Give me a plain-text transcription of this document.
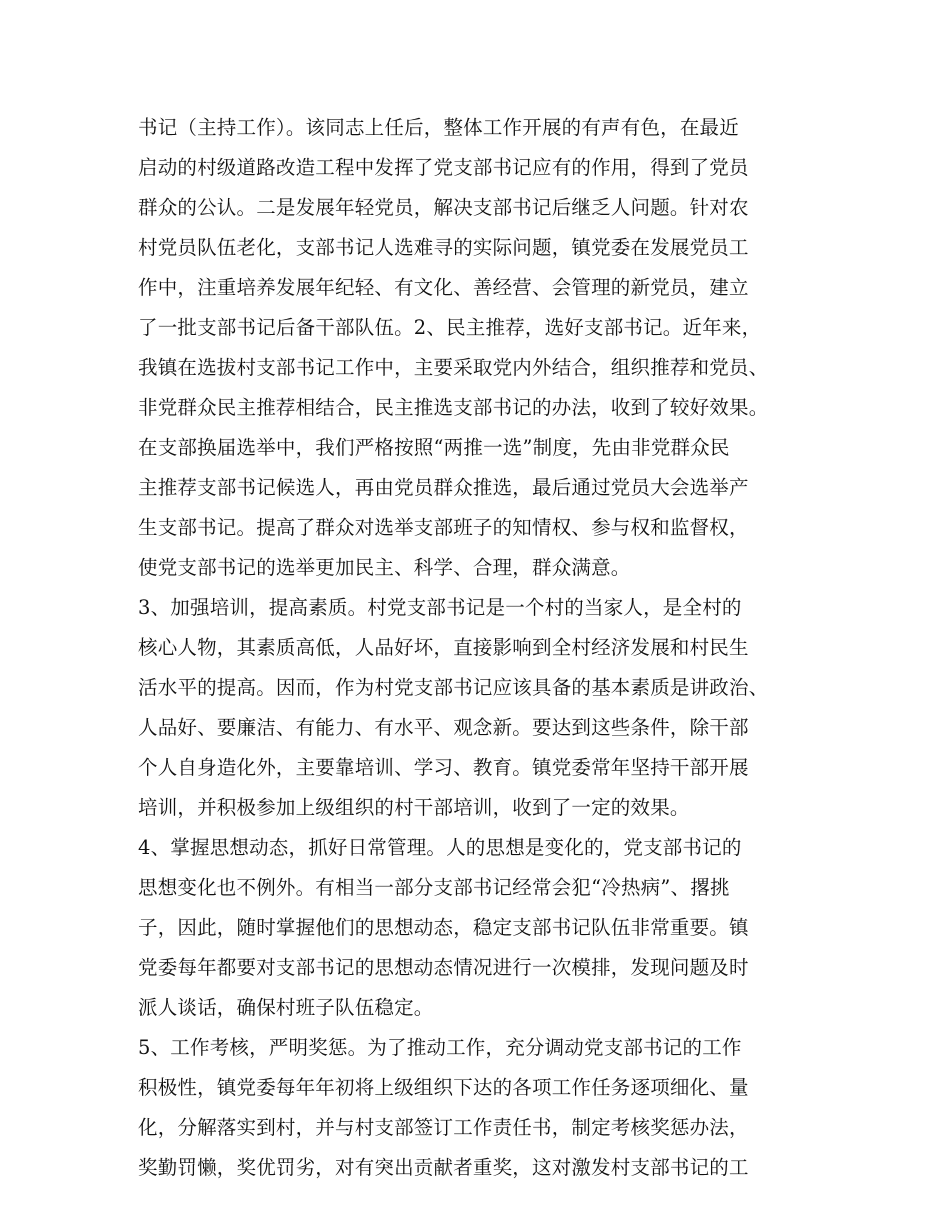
书记（主持工作）。该同志上任后，整体工作开展的有声有色，在最近
启动的村级道路改造工程中发挥了党支部书记应有的作用，得到了党员
群众的公认。二是发展年轻党员，解决支部书记后继乏人问题。针对农
村党员队伍老化，支部书记人选难寻的实际问题，镇党委在发展党员工
作中，注重培养发展年纪轻、有文化、善经营、会管理的新党员，建立
了一批支部书记后备干部队伍。2、民主推荐，选好支部书记。近年来，
我镇在选拔村支部书记工作中，主要采取党内外结合，组织推荐和党员、
非党群众民主推荐相结合，民主推选支部书记的办法，收到了较好效果。
在支部换届选举中，我们严格按照“两推一选”制度，先由非党群众民
主推荐支部书记候选人，再由党员群众推选，最后通过党员大会选举产
生支部书记。提高了群众对选举支部班子的知情权、参与权和监督权，
使党支部书记的选举更加民主、科学、合理，群众满意。
3、加强培训，提高素质。村党支部书记是一个村的当家人，是全村的
核心人物，其素质高低，人品好坏，直接影响到全村经济发展和村民生
活水平的提高。因而，作为村党支部书记应该具备的基本素质是讲政治、
人品好、要廉洁、有能力、有水平、观念新。要达到这些条件，除干部
个人自身造化外，主要靠培训、学习、教育。镇党委常年坚持干部开展
培训，并积极参加上级组织的村干部培训，收到了一定的效果。
4、掌握思想动态，抓好日常管理。人的思想是变化的，党支部书记的
思想变化也不例外。有相当一部分支部书记经常会犯“冷热病”、撂挑
子，因此，随时掌握他们的思想动态，稳定支部书记队伍非常重要。镇
党委每年都要对支部书记的思想动态情况进行一次模排，发现问题及时
派人谈话，确保村班子队伍稳定。
5、工作考核，严明奖惩。为了推动工作，充分调动党支部书记的工作
积极性，镇党委每年年初将上级组织下达的各项工作任务逐项细化、量
化，分解落实到村，并与村支部签订工作责任书，制定考核奖惩办法，
奖勤罚懒，奖优罚劣，对有突出贡献者重奖，这对激发村支部书记的工
